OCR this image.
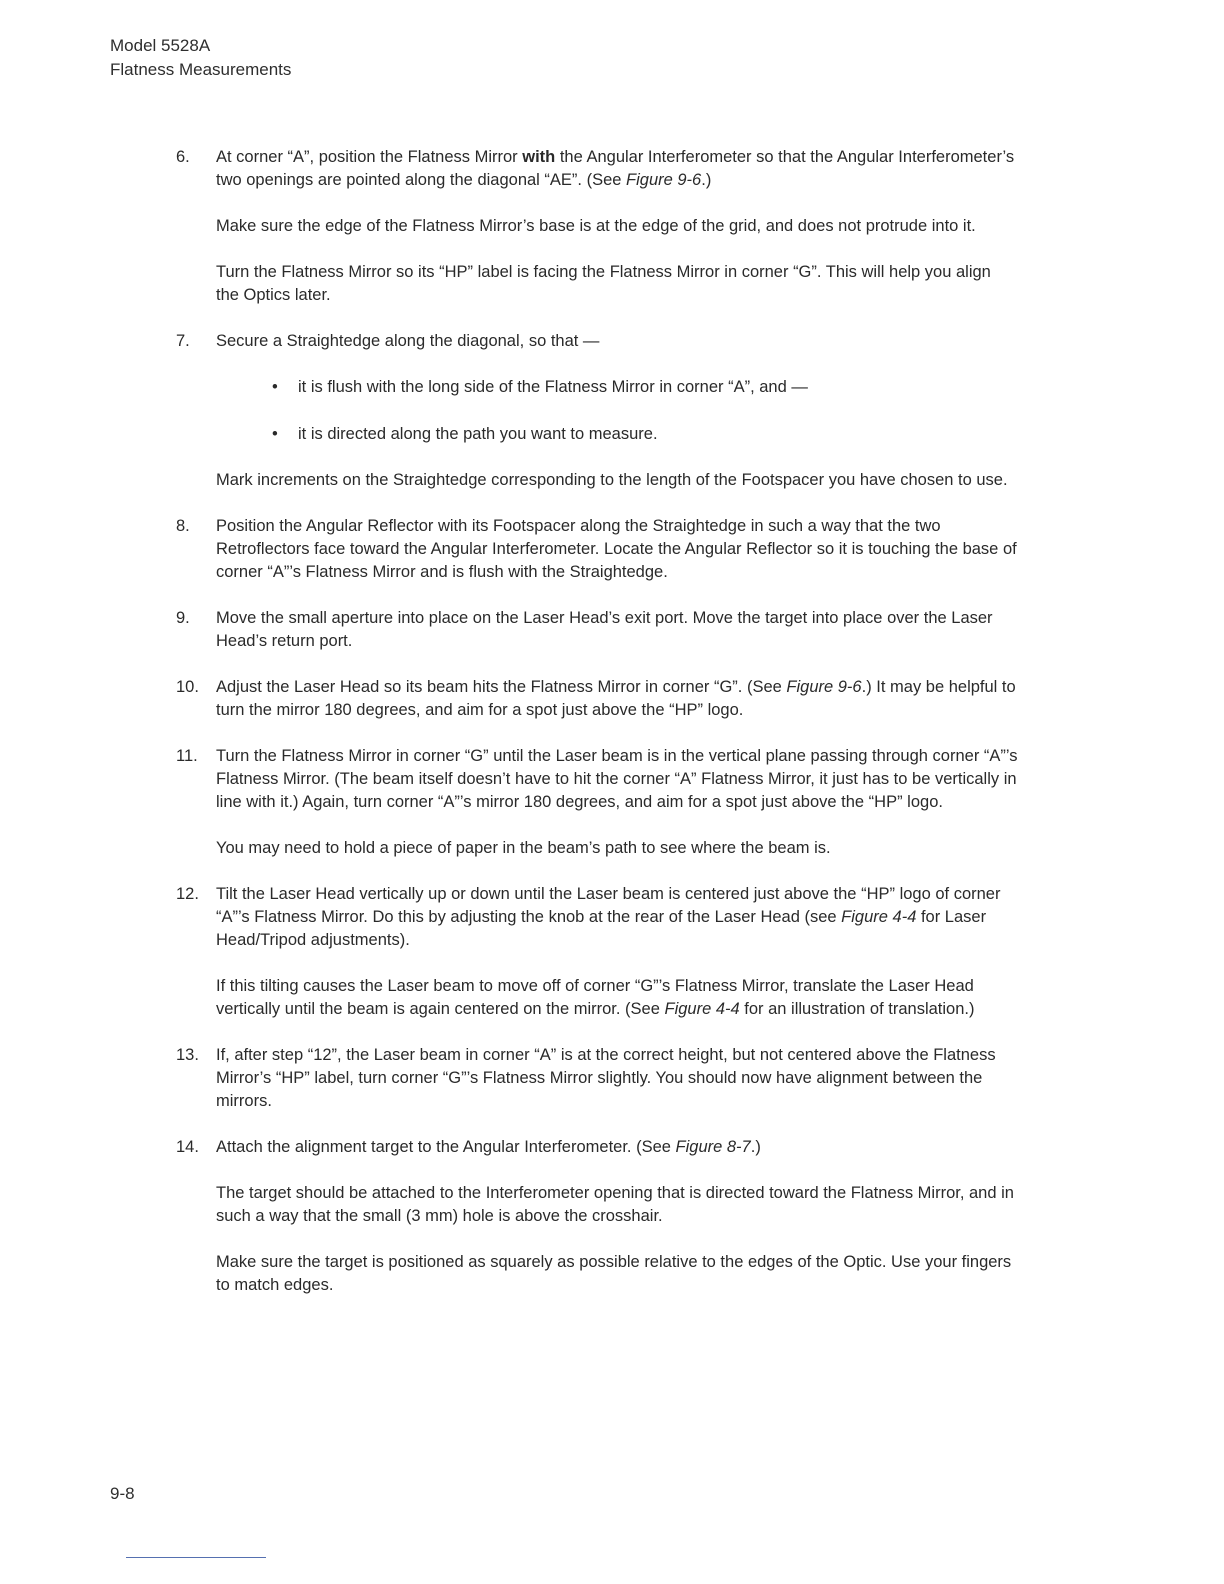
Model 5528A
Flatness Measurements
6.	At corner “A”, position the Flatness Mirror with the Angular Interferometer so that the Angular Interferometer’s two openings are pointed along the diagonal “AE”. (See Figure 9-6.)

Make sure the edge of the Flatness Mirror’s base is at the edge of the grid, and does not protrude into it.

Turn the Flatness Mirror so its “HP” label is facing the Flatness Mirror in corner “G”. This will help you align the Optics later.

7.	Secure a Straightedge along the diagonal, so that —

• it is flush with the long side of the Flatness Mirror in corner “A”, and —
• it is directed along the path you want to measure.

Mark increments on the Straightedge corresponding to the length of the Footspacer you have chosen to use.

8.	Position the Angular Reflector with its Footspacer along the Straightedge in such a way that the two Retroflectors face toward the Angular Interferometer. Locate the Angular Reflector so it is touching the base of corner “A”’s Flatness Mirror and is flush with the Straightedge.

9.	Move the small aperture into place on the Laser Head’s exit port. Move the target into place over the Laser Head’s return port.

10.	Adjust the Laser Head so its beam hits the Flatness Mirror in corner “G”. (See Figure 9-6.) It may be helpful to turn the mirror 180 degrees, and aim for a spot just above the “HP” logo.

11.	Turn the Flatness Mirror in corner “G” until the Laser beam is in the vertical plane passing through corner “A”’s Flatness Mirror. (The beam itself doesn’t have to hit the corner “A” Flatness Mirror, it just has to be vertically in line with it.) Again, turn corner “A”’s mirror 180 degrees, and aim for a spot just above the “HP” logo.

You may need to hold a piece of paper in the beam’s path to see where the beam is.

12.	Tilt the Laser Head vertically up or down until the Laser beam is centered just above the “HP” logo of corner “A”’s Flatness Mirror. Do this by adjusting the knob at the rear of the Laser Head (see Figure 4-4 for Laser Head/Tripod adjustments).

If this tilting causes the Laser beam to move off of corner “G”’s Flatness Mirror, translate the Laser Head vertically until the beam is again centered on the mirror. (See Figure 4-4 for an illustration of translation.)

13.	If, after step “12”, the Laser beam in corner “A” is at the correct height, but not centered above the Flatness Mirror’s “HP” label, turn corner “G”’s Flatness Mirror slightly. You should now have alignment between the mirrors.

14.	Attach the alignment target to the Angular Interferometer. (See Figure 8-7.)

The target should be attached to the Interferometer opening that is directed toward the Flatness Mirror, and in such a way that the small (3 mm) hole is above the crosshair.

Make sure the target is positioned as squarely as possible relative to the edges of the Optic. Use your fingers to match edges.

9-8
